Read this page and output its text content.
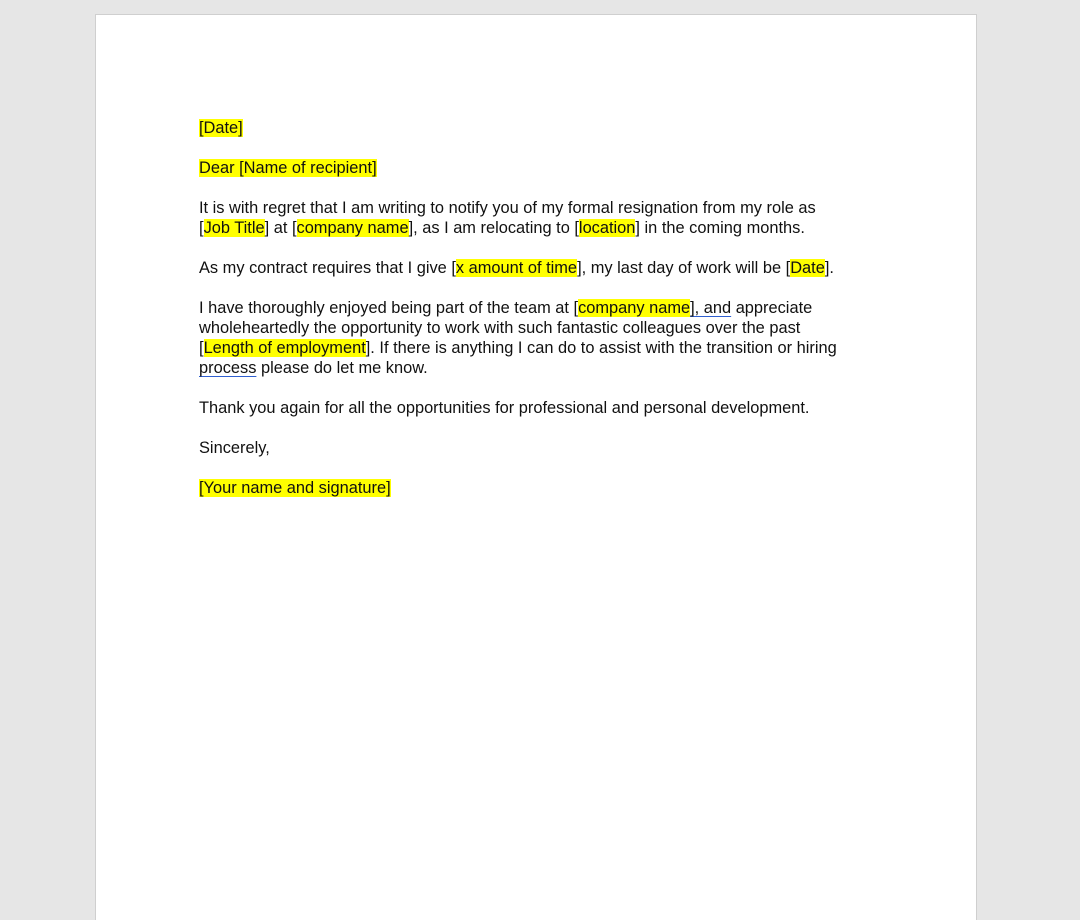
[Date]
Dear [Name of recipient]
It is with regret that I am writing to notify you of my formal resignation from my role as
[Job Title] at [company name], as I am relocating to [location] in the coming months.
As my contract requires that I give [x amount of time], my last day of work will be [Date].
I have thoroughly enjoyed being part of the team at [company name], and appreciate
wholeheartedly the opportunity to work with such fantastic colleagues over the past
[Length of employment]. If there is anything I can do to assist with the transition or hiring
process please do let me know.
Thank you again for all the opportunities for professional and personal development.
Sincerely,
[Your name and signature]
